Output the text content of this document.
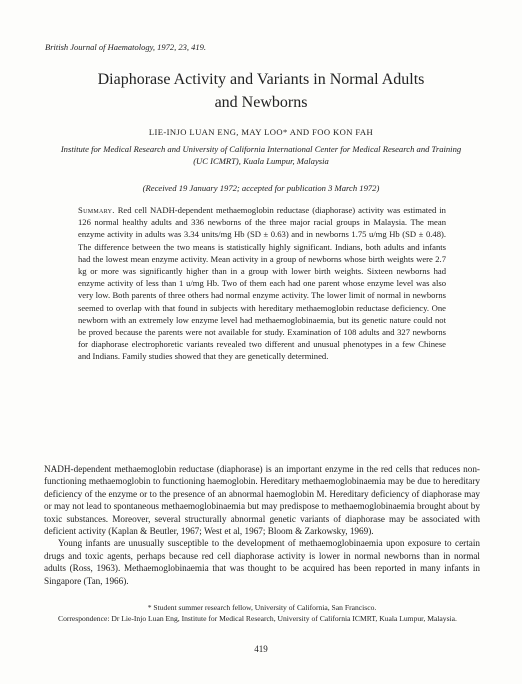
British Journal of Haematology, 1972, 23, 419.
Diaphorase Activity and Variants in Normal Adults
and Newborns
LIE-INJO LUAN ENG, MAY LOO* AND FOO KON FAH
Institute for Medical Research and University of California International Center for Medical Research and Training (UC ICMRT), Kuala Lumpur, Malaysia
(Received 19 January 1972; accepted for publication 3 March 1972)
Summary. Red cell NADH-dependent methaemoglobin reductase (diaphorase) activity was estimated in 126 normal healthy adults and 336 newborns of the three major racial groups in Malaysia. The mean enzyme activity in adults was 3.34 units/mg Hb (SD ± 0.63) and in newborns 1.75 u/mg Hb (SD ± 0.48). The difference between the two means is statistically highly significant. Indians, both adults and infants had the lowest mean enzyme activity. Mean activity in a group of newborns whose birth weights were 2.7 kg or more was significantly higher than in a group with lower birth weights. Sixteen newborns had enzyme activity of less than 1 u/mg Hb. Two of them each had one parent whose enzyme level was also very low. Both parents of three others had normal enzyme activity. The lower limit of normal in newborns seemed to overlap with that found in subjects with hereditary methaemoglobin reductase deficiency. One newborn with an extremely low enzyme level had methaemoglobinaemia, but its genetic nature could not be proved because the parents were not available for study. Examination of 108 adults and 327 newborns for diaphorase electrophoretic variants revealed two different and unusual phenotypes in a few Chinese and Indians. Family studies showed that they are genetically determined.

NADH-dependent methaemoglobin reductase (diaphorase) is an important enzyme in the red cells that reduces non-functioning methaemoglobin to functioning haemoglobin. Hereditary methaemoglobinaemia may be due to hereditary deficiency of the enzyme or to the presence of an abnormal haemoglobin M. Hereditary deficiency of diaphorase may or may not lead to spontaneous methaemoglobinaemia but may predispose to methaemoglobinaemia brought about by toxic substances. Moreover, several structurally abnormal genetic variants of diaphorase may be associated with deficient activity (Kaplan & Beutler, 1967; West et al, 1967; Bloom & Zarkowsky, 1969).

Young infants are unusually susceptible to the development of methaemoglobinaemia upon exposure to certain drugs and toxic agents, perhaps because red cell diaphorase activity is lower in normal newborns than in normal adults (Ross, 1963). Methaemoglobinaemia that was thought to be acquired has been reported in many infants in Singapore (Tan, 1966).

* Student summer research fellow, University of California, San Francisco.
Correspondence: Dr Lie-Injo Luan Eng, Institute for Medical Research, University of California ICMRT, Kuala Lumpur, Malaysia.
419
